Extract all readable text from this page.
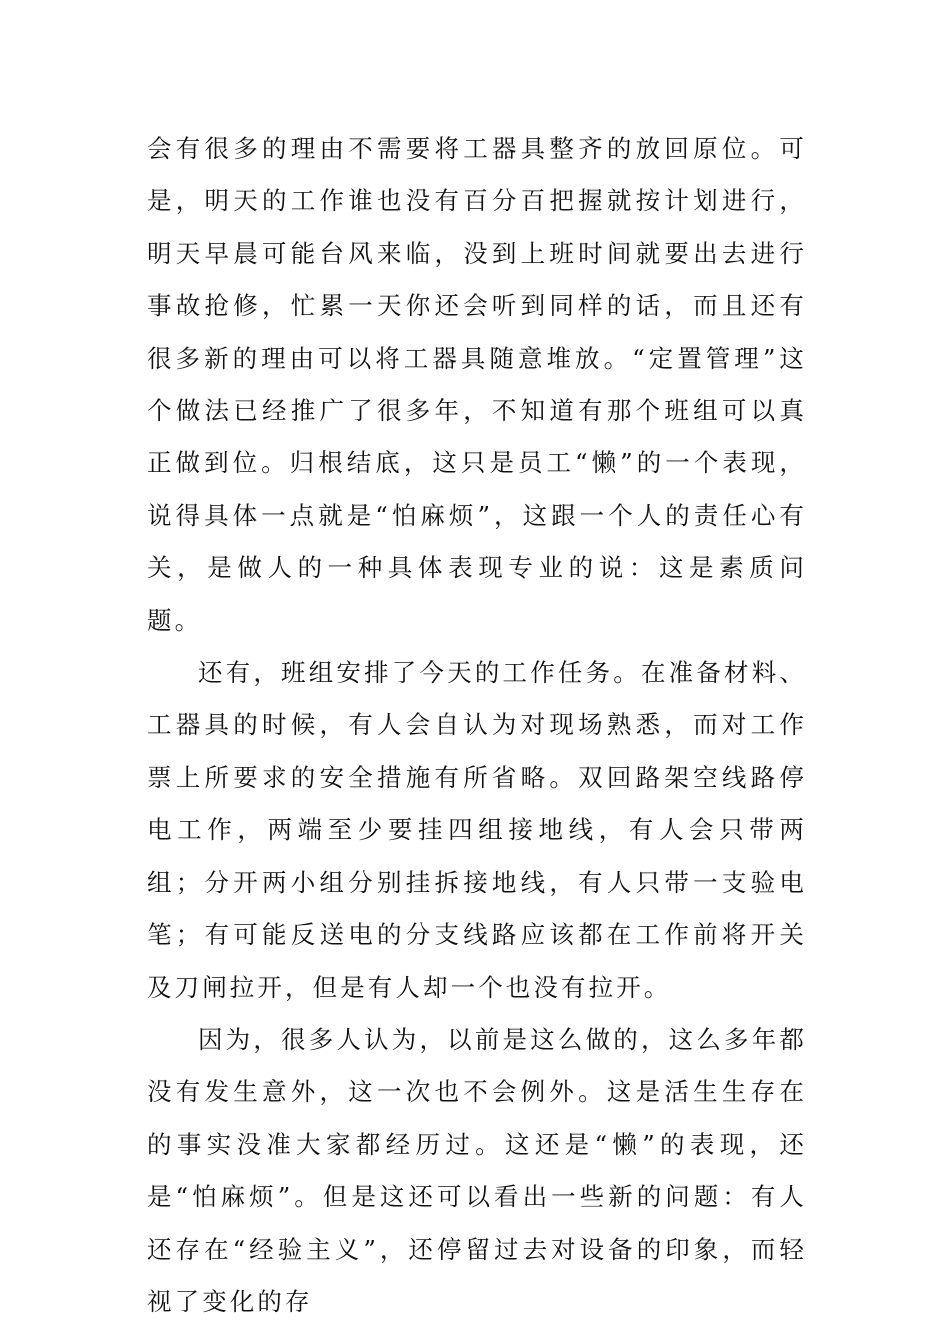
会有很多的理由不需要将工器具整齐的放回原位。可是，明天的工作谁也没有百分百把握就按计划进行，明天早晨可能台风来临，没到上班时间就要出去进行事故抢修，忙累一天你还会听到同样的话，而且还有很多新的理由可以将工器具随意堆放。“定置管理”这个做法已经推广了很多年，不知道有那个班组可以真正做到位。归根结底，这只是员工“懒”的一个表现，说得具体一点就是“怕麻烦”，这跟一个人的责任心有关，是做人的一种具体表现专业的说：这是素质问题。

还有，班组安排了今天的工作任务。在准备材料、工器具的时候，有人会自认为对现场熟悉，而对工作票上所要求的安全措施有所省略。双回路架空线路停电工作，两端至少要挂四组接地线，有人会只带两组；分开两小组分别挂拆接地线，有人只带一支验电笔；有可能反送电的分支线路应该都在工作前将开关及刀闸拉开，但是有人却一个也没有拉开。

因为，很多人认为，以前是这么做的，这么多年都没有发生意外，这一次也不会例外。这是活生生存在的事实没准大家都经历过。这还是“懒”的表现，还是“怕麻烦”。但是这还可以看出一些新的问题：有人还存在“经验主义”，还停留过去对设备的印象，而轻视了变化的存
